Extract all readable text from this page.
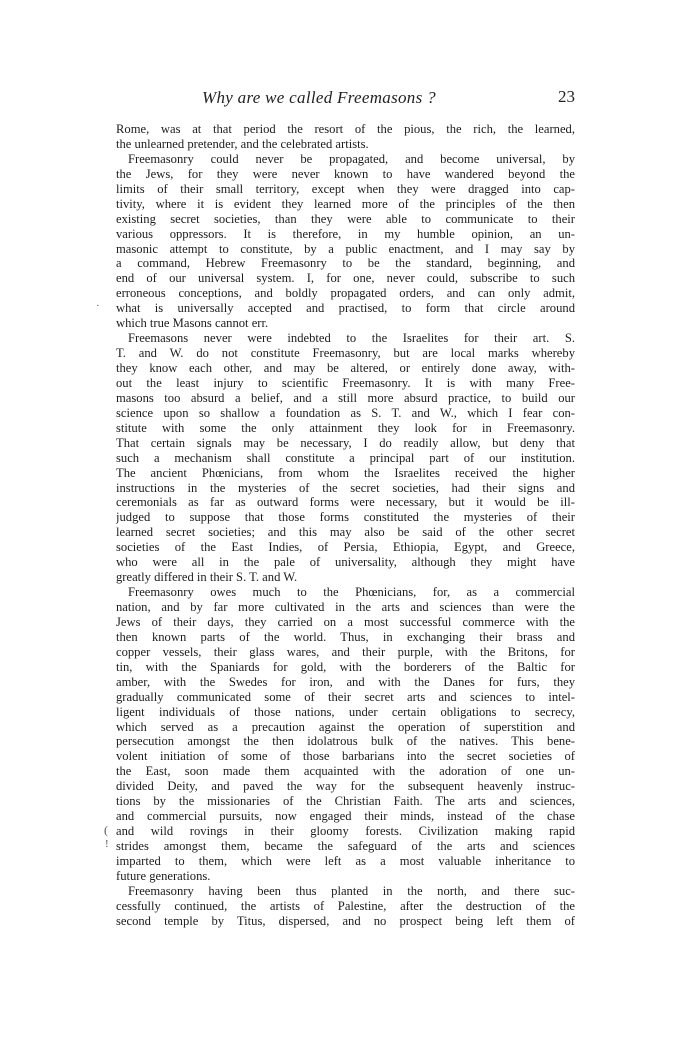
Why are we called Freemasons ?	23
·
(
!
Rome, was at that period the resort of the pious, the rich, the learned,
the unlearned pretender, and the celebrated artists.
Freemasonry could never be propagated, and become universal, by
the Jews, for they were never known to have wandered beyond the
limits of their small territory, except when they were dragged into cap-
tivity, where it is evident they learned more of the principles of the then
existing secret societies, than they were able to communicate to their
various oppressors. It is therefore, in my humble opinion, an un-
masonic attempt to constitute, by a public enactment, and I may say by
a command, Hebrew Freemasonry to be the standard, beginning, and
end of our universal system. I, for one, never could, subscribe to such
erroneous conceptions, and boldly propagated orders, and can only admit,
what is universally accepted and practised, to form that circle around
which true Masons cannot err.
Freemasons never were indebted to the Israelites for their art. S.
T. and W. do not constitute Freemasonry, but are local marks whereby
they know each other, and may be altered, or entirely done away, with-
out the least injury to scientific Freemasonry. It is with many Free-
masons too absurd a belief, and a still more absurd practice, to build our
science upon so shallow a foundation as S. T. and W., which I fear con-
stitute with some the only attainment they look for in Freemasonry.
That certain signals may be necessary, I do readily allow, but deny that
such a mechanism shall constitute a principal part of our institution.
The ancient Phœnicians, from whom the Israelites received the higher
instructions in the mysteries of the secret societies, had their signs and
ceremonials as far as outward forms were necessary, but it would be ill-
judged to suppose that those forms constituted the mysteries of their
learned secret societies; and this may also be said of the other secret
societies of the East Indies, of Persia, Ethiopia, Egypt, and Greece,
who were all in the pale of universality, although they might have
greatly differed in their S. T. and W.
Freemasonry owes much to the Phœnicians, for, as a commercial
nation, and by far more cultivated in the arts and sciences than were the
Jews of their days, they carried on a most successful commerce with the
then known parts of the world. Thus, in exchanging their brass and
copper vessels, their glass wares, and their purple, with the Britons, for
tin, with the Spaniards for gold, with the borderers of the Baltic for
amber, with the Swedes for iron, and with the Danes for furs, they
gradually communicated some of their secret arts and sciences to intel-
ligent individuals of those nations, under certain obligations to secrecy,
which served as a precaution against the operation of superstition and
persecution amongst the then idolatrous bulk of the natives. This bene-
volent initiation of some of those barbarians into the secret societies of
the East, soon made them acquainted with the adoration of one un-
divided Deity, and paved the way for the subsequent heavenly instruc-
tions by the missionaries of the Christian Faith. The arts and sciences,
and commercial pursuits, now engaged their minds, instead of the chase
and wild rovings in their gloomy forests. Civilization making rapid
strides amongst them, became the safeguard of the arts and sciences
imparted to them, which were left as a most valuable inheritance to
future generations.
Freemasonry having been thus planted in the north, and there suc-
cessfully continued, the artists of Palestine, after the destruction of the
second temple by Titus, dispersed, and no prospect being left them of
